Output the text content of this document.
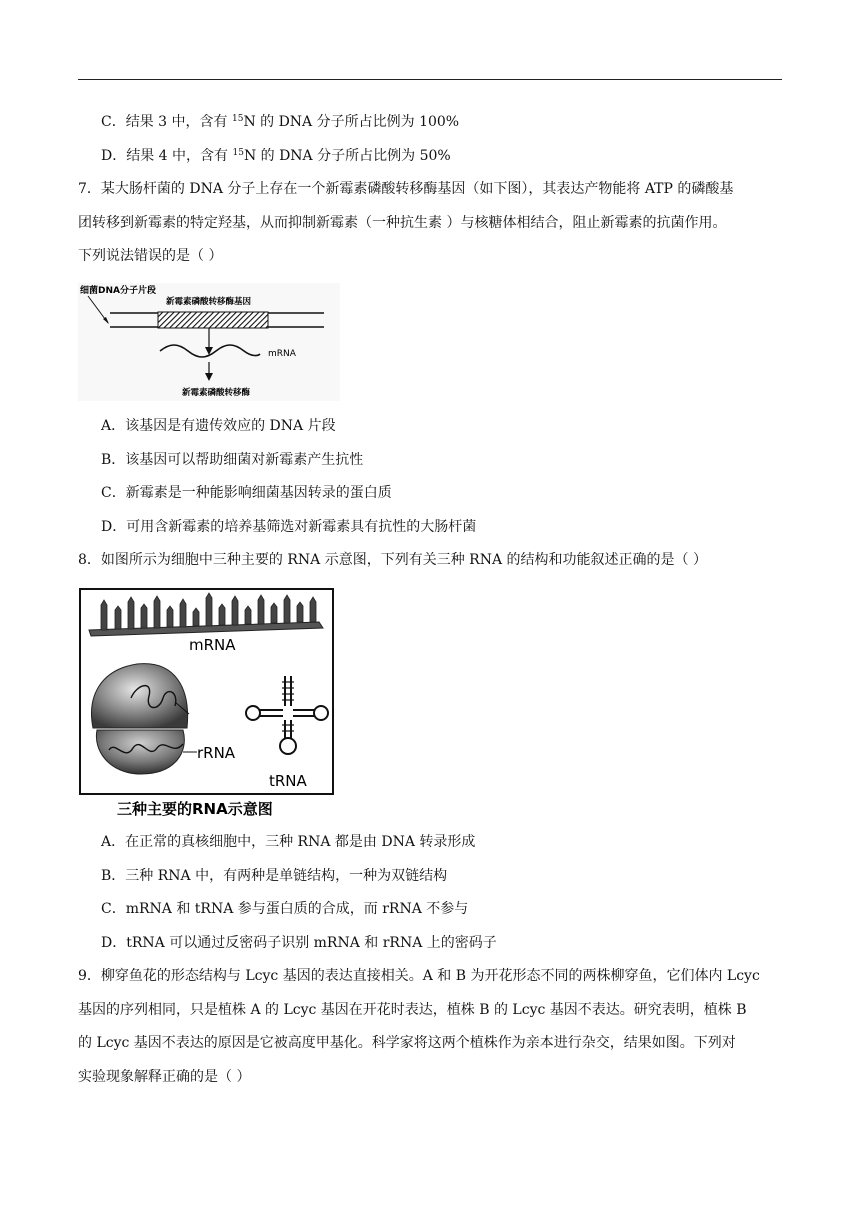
C．结果 3 中，含有 $^{15}$N 的 DNA 分子所占比例为 100%
D．结果 4 中，含有 $^{15}$N 的 DNA 分子所占比例为 50%
7．某大肠杆菌的 DNA 分子上存在一个新霉素磷酸转移酶基因（如下图），其表达产物能将 ATP 的磷酸基
团转移到新霉素的特定羟基，从而抑制新霉素（一种抗生素 ）与核糖体相结合，阻止新霉素的抗菌作用。
下列说法错误的是（ ）
细菌DNA分子片段
新霉素磷酸转移酶基因
mRNA
新霉素磷酸转移酶
A．该基因是有遗传效应的 DNA 片段
B．该基因可以帮助细菌对新霉素产生抗性
C．新霉素是一种能影响细菌基因转录的蛋白质
D．可用含新霉素的培养基筛选对新霉素具有抗性的大肠杆菌
8．如图所示为细胞中三种主要的 RNA 示意图，下列有关三种 RNA 的结构和功能叙述正确的是（ ）
mRNA
rRNA
tRNA
三种主要的RNA示意图
A．在正常的真核细胞中，三种 RNA 都是由 DNA 转录形成
B．三种 RNA 中，有两种是单链结构，一种为双链结构
C．mRNA 和 tRNA 参与蛋白质的合成，而 rRNA 不参与
D．tRNA 可以通过反密码子识别 mRNA 和 rRNA 上的密码子
9．柳穿鱼花的形态结构与 Lcyc 基因的表达直接相关。A 和 B 为开花形态不同的两株柳穿鱼，它们体内 Lcyc
基因的序列相同，只是植株 A 的 Lcyc 基因在开花时表达，植株 B 的 Lcyc 基因不表达。研究表明，植株 B
的 Lcyc 基因不表达的原因是它被高度甲基化。科学家将这两个植株作为亲本进行杂交，结果如图。下列对
实验现象解释正确的是（ ）
